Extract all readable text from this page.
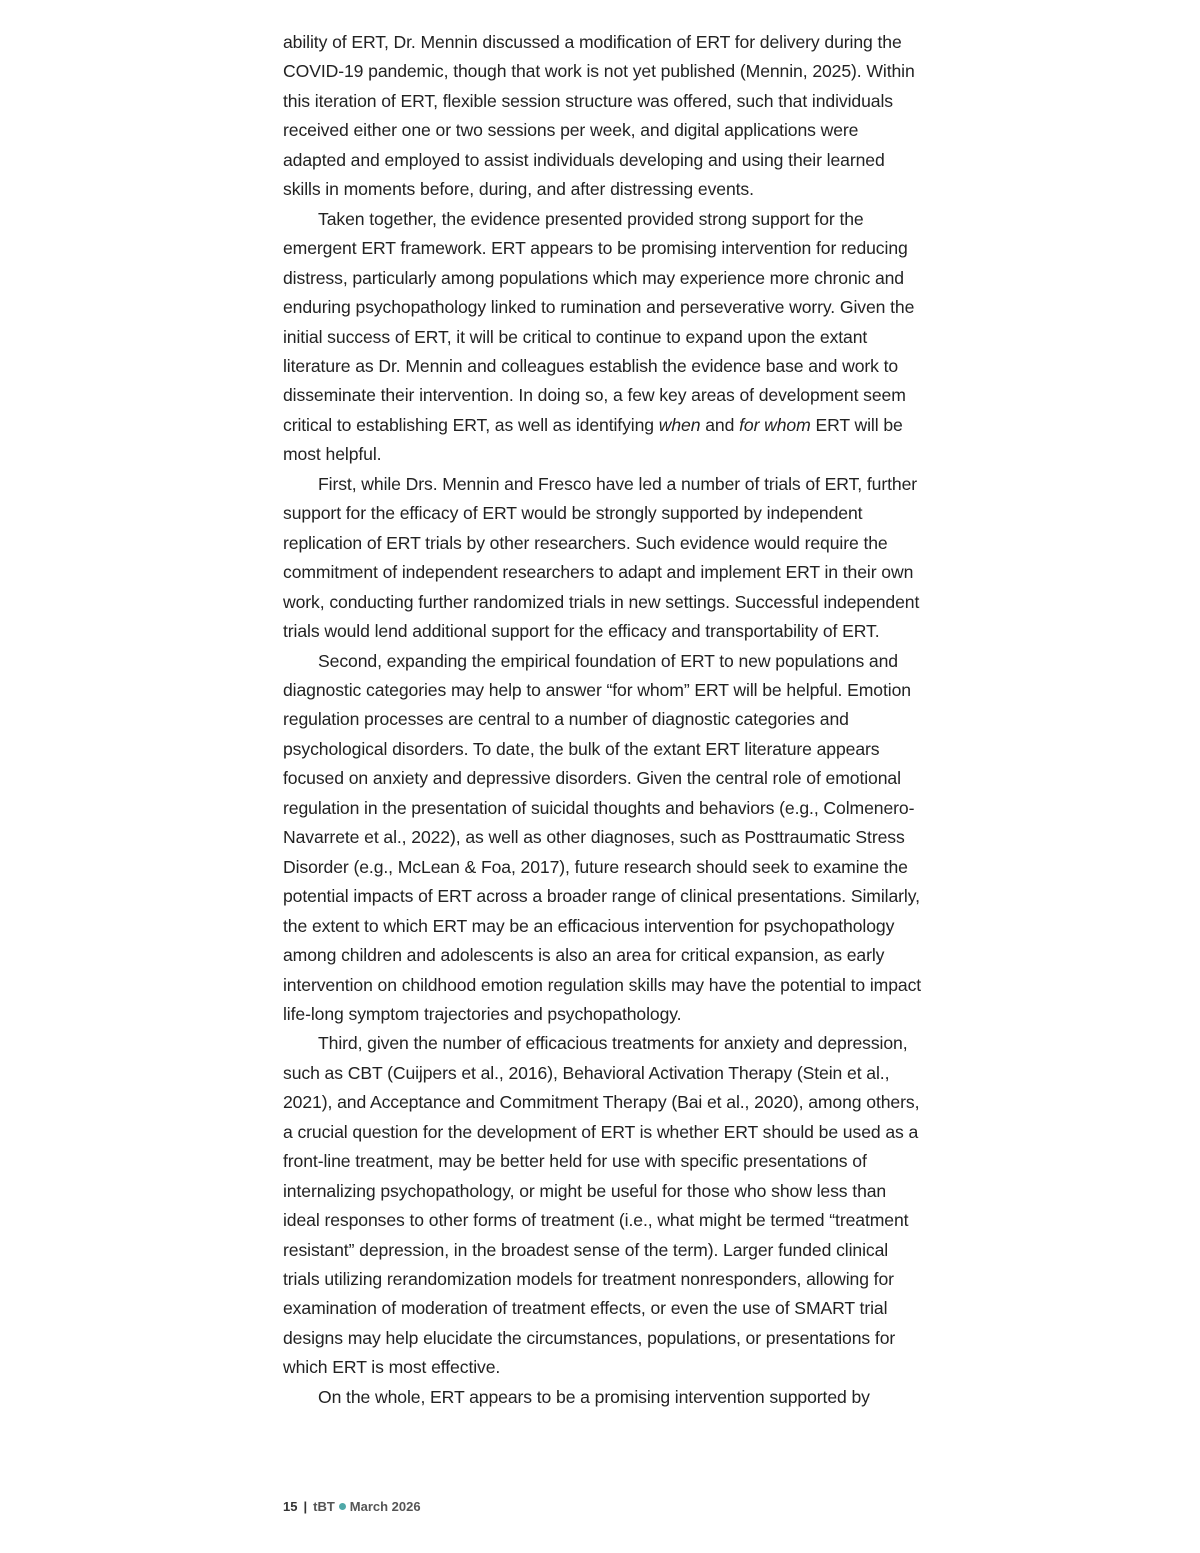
ability of ERT, Dr. Mennin discussed a modification of ERT for delivery during the COVID-19 pandemic, though that work is not yet published (Mennin, 2025). Within this iteration of ERT, flexible session structure was offered, such that individuals received either one or two sessions per week, and digital applications were adapted and employed to assist individuals developing and using their learned skills in moments before, during, and after distressing events.

Taken together, the evidence presented provided strong support for the emergent ERT framework. ERT appears to be promising intervention for reducing distress, particularly among populations which may experience more chronic and enduring psychopathology linked to rumination and perseverative worry. Given the initial success of ERT, it will be critical to continue to expand upon the extant literature as Dr. Mennin and colleagues establish the evidence base and work to disseminate their intervention. In doing so, a few key areas of development seem critical to establishing ERT, as well as identifying when and for whom ERT will be most helpful.

First, while Drs. Mennin and Fresco have led a number of trials of ERT, further support for the efficacy of ERT would be strongly supported by independent replication of ERT trials by other researchers. Such evidence would require the commitment of independent researchers to adapt and implement ERT in their own work, conducting further randomized trials in new settings. Successful independent trials would lend additional support for the efficacy and transportability of ERT.

Second, expanding the empirical foundation of ERT to new populations and diagnostic categories may help to answer “for whom” ERT will be helpful. Emotion regulation processes are central to a number of diagnostic categories and psychological disorders. To date, the bulk of the extant ERT literature appears focused on anxiety and depressive disorders. Given the central role of emotional regulation in the presentation of suicidal thoughts and behaviors (e.g., Colmenero-Navarrete et al., 2022), as well as other diagnoses, such as Posttraumatic Stress Disorder (e.g., McLean & Foa, 2017), future research should seek to examine the potential impacts of ERT across a broader range of clinical presentations. Similarly, the extent to which ERT may be an efficacious intervention for psychopathology among children and adolescents is also an area for critical expansion, as early intervention on childhood emotion regulation skills may have the potential to impact life-long symptom trajectories and psychopathology.

Third, given the number of efficacious treatments for anxiety and depression, such as CBT (Cuijpers et al., 2016), Behavioral Activation Therapy (Stein et al., 2021), and Acceptance and Commitment Therapy (Bai et al., 2020), among others, a crucial question for the development of ERT is whether ERT should be used as a front-line treatment, may be better held for use with specific presentations of internalizing psychopathology, or might be useful for those who show less than ideal responses to other forms of treatment (i.e., what might be termed “treatment resistant” depression, in the broadest sense of the term). Larger funded clinical trials utilizing rerandomization models for treatment nonresponders, allowing for examination of moderation of treatment effects, or even the use of SMART trial designs may help elucidate the circumstances, populations, or presentations for which ERT is most effective.

On the whole, ERT appears to be a promising intervention supported by

15 | tBT March 2026
